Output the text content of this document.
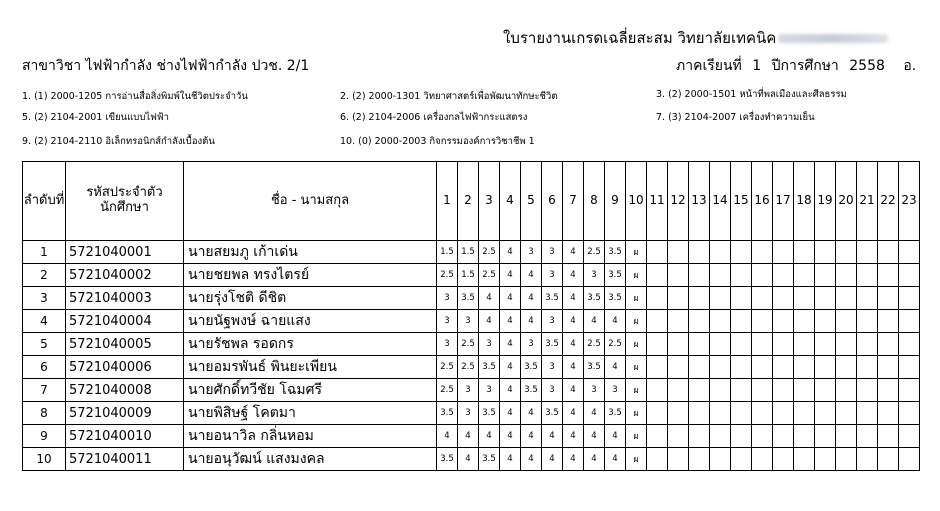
ใบรายงานเกรดเฉลี่ยสะสม วิทยาลัยเทคนิค
สาขาวิชา ไฟฟ้ากำลัง ช่างไฟฟ้ากำลัง ปวช. 2/1	ภาคเรียนที่ 1 ปีการศึกษา 2558 อ.
1. (1) 2000-1205 การอ่านสื่อสิ่งพิมพ์ในชีวิตประจำวัน	2. (2) 2000-1301 วิทยาศาสตร์เพื่อพัฒนาทักษะชีวิต	3. (2) 2000-1501 หน้าที่พลเมืองและศีลธรรม
5. (2) 2104-2001 เขียนแบบไฟฟ้า	6. (2) 2104-2006 เครื่องกลไฟฟ้ากระแสตรง	7. (3) 2104-2007 เครื่องทำความเย็น
9. (2) 2104-2110 อิเล็กทรอนิกส์กำลังเบื้องต้น	10. (0) 2000-2003 กิจกรรมองค์การวิชาชีพ 1
ลำดับที่	รหัสประจำตัวนักศึกษา	ชื่อ - นามสกุล	1	2	3	4	5	6	7	8	9	10	11	12	13	14	15	16	17	18	19	20	21	22	23
1	5721040001	นายสยมภู เก้าเด่น	1.5	1.5	2.5	4	3	3	4	2.5	3.5	ผ													
2	5721040002	นายชยพล ทรงไตรย์	2.5	1.5	2.5	4	4	3	4	3	3.5	ผ													
3	5721040003	นายรุ่งโชติ ดีชิต	3	3.5	4	4	4	3.5	4	3.5	3.5	ผ													
4	5721040004	นายนัฐพงษ์ ฉายแสง	3	3	4	4	4	3	4	4	4	ผ													
5	5721040005	นายรัชพล รอดกร	3	2.5	3	4	3	3.5	4	2.5	2.5	ผ													
6	5721040006	นายอมรพันธ์ พินยะเพียน	2.5	2.5	3.5	4	3.5	3	4	3.5	4	ผ													
7	5721040008	นายศักดิ์ทวีชัย โฉมศรี	2.5	3	3	4	3.5	3	4	3	3	ผ													
8	5721040009	นายพิสิษฐ์ โคตมา	3.5	3	3.5	4	4	3.5	4	4	3.5	ผ													
9	5721040010	นายอนาวิล กลิ่นหอม	4	4	4	4	4	4	4	4	4	ผ													
10	5721040011	นายอนุวัฒน์ แสงมงคล	3.5	4	3.5	4	4	4	4	4	4	ผ													
